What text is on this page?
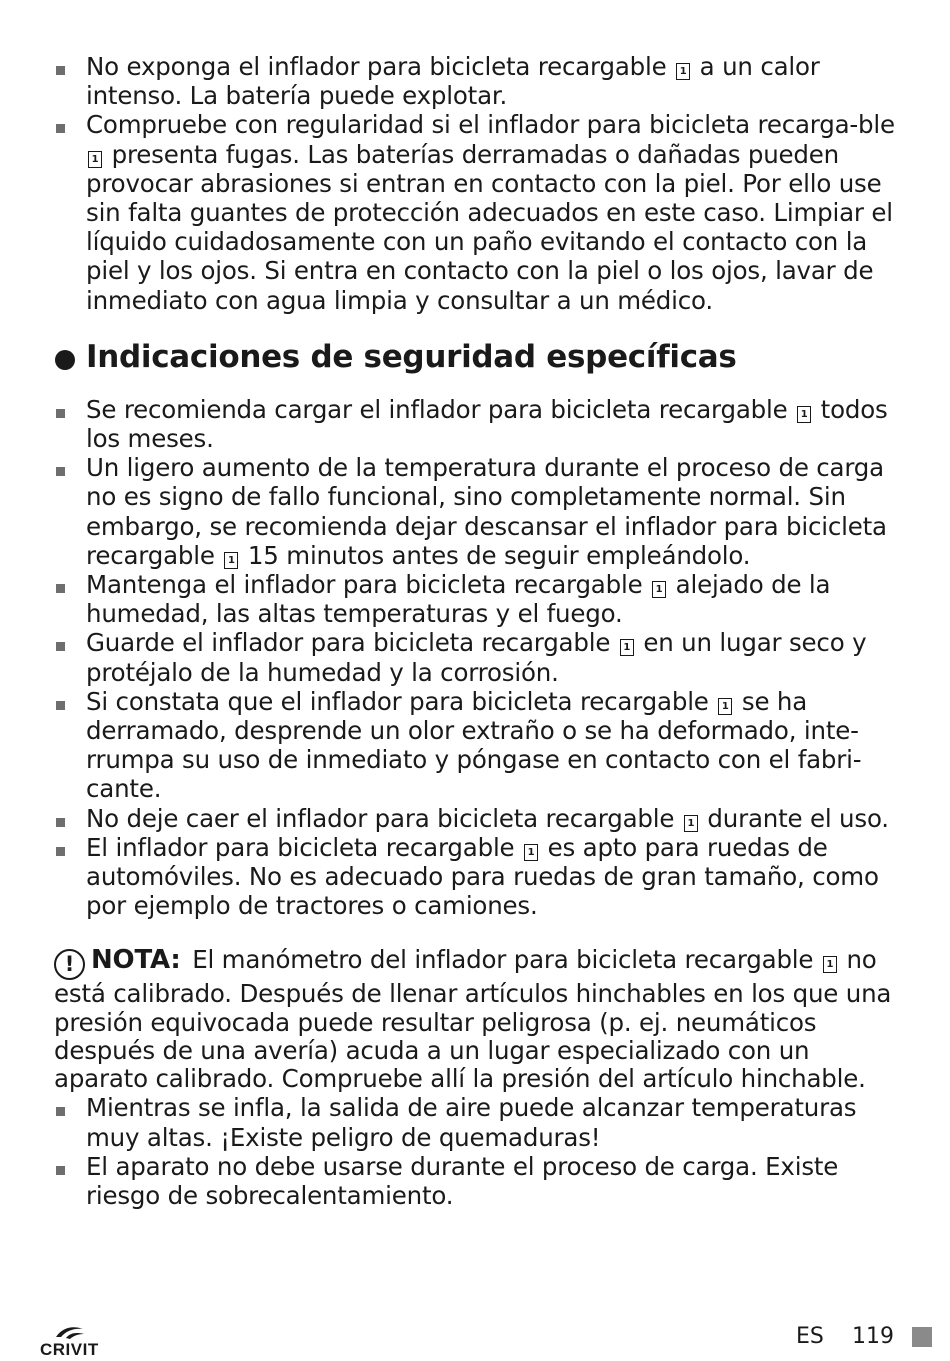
No exponga el inflador para bicicleta recargable 1 a un calor intenso. La batería puede explotar.
Compruebe con regularidad si el inflador para bicicleta recarga-ble 1 presenta fugas. Las baterías derramadas o dañadas pueden provocar abrasiones si entran en contacto con la piel. Por ello use sin falta guantes de protección adecuados en este caso. Limpiar el líquido cuidadosamente con un paño evitando el contacto con la piel y los ojos. Si entra en contacto con la piel o los ojos, lavar de inmediato con agua limpia y consultar a un médico.
Indicaciones de seguridad específicas
Se recomienda cargar el inflador para bicicleta recargable 1 todos los meses.
Un ligero aumento de la temperatura durante el proceso de carga no es signo de fallo funcional, sino completamente normal. Sin embargo, se recomienda dejar descansar el inflador para bicicleta recargable 1 15 minutos antes de seguir empleándolo.
Mantenga el inflador para bicicleta recargable 1 alejado de la humedad, las altas temperaturas y el fuego.
Guarde el inflador para bicicleta recargable 1 en un lugar seco y protéjalo de la humedad y la corrosión.
Si constata que el inflador para bicicleta recargable 1 se ha derramado, desprende un olor extraño o se ha deformado, inte-rrumpa su uso de inmediato y póngase en contacto con el fabri-cante.
No deje caer el inflador para bicicleta recargable 1 durante el uso.
El inflador para bicicleta recargable 1 es apto para ruedas de automóviles. No es adecuado para ruedas de gran tamaño, como por ejemplo de tractores o camiones.

! NOTA: El manómetro del inflador para bicicleta recargable 1 no está calibrado. Después de llenar artículos hinchables en los que una presión equivocada puede resultar peligrosa (p. ej. neumáticos después de una avería) acuda a un lugar especializado con un aparato calibrado. Compruebe allí la presión del artículo hinchable.

Mientras se infla, la salida de aire puede alcanzar temperaturas muy altas. ¡Existe peligro de quemaduras!
El aparato no debe usarse durante el proceso de carga. Existe riesgo de sobrecalentamiento.
CRIVIT
ES 119
